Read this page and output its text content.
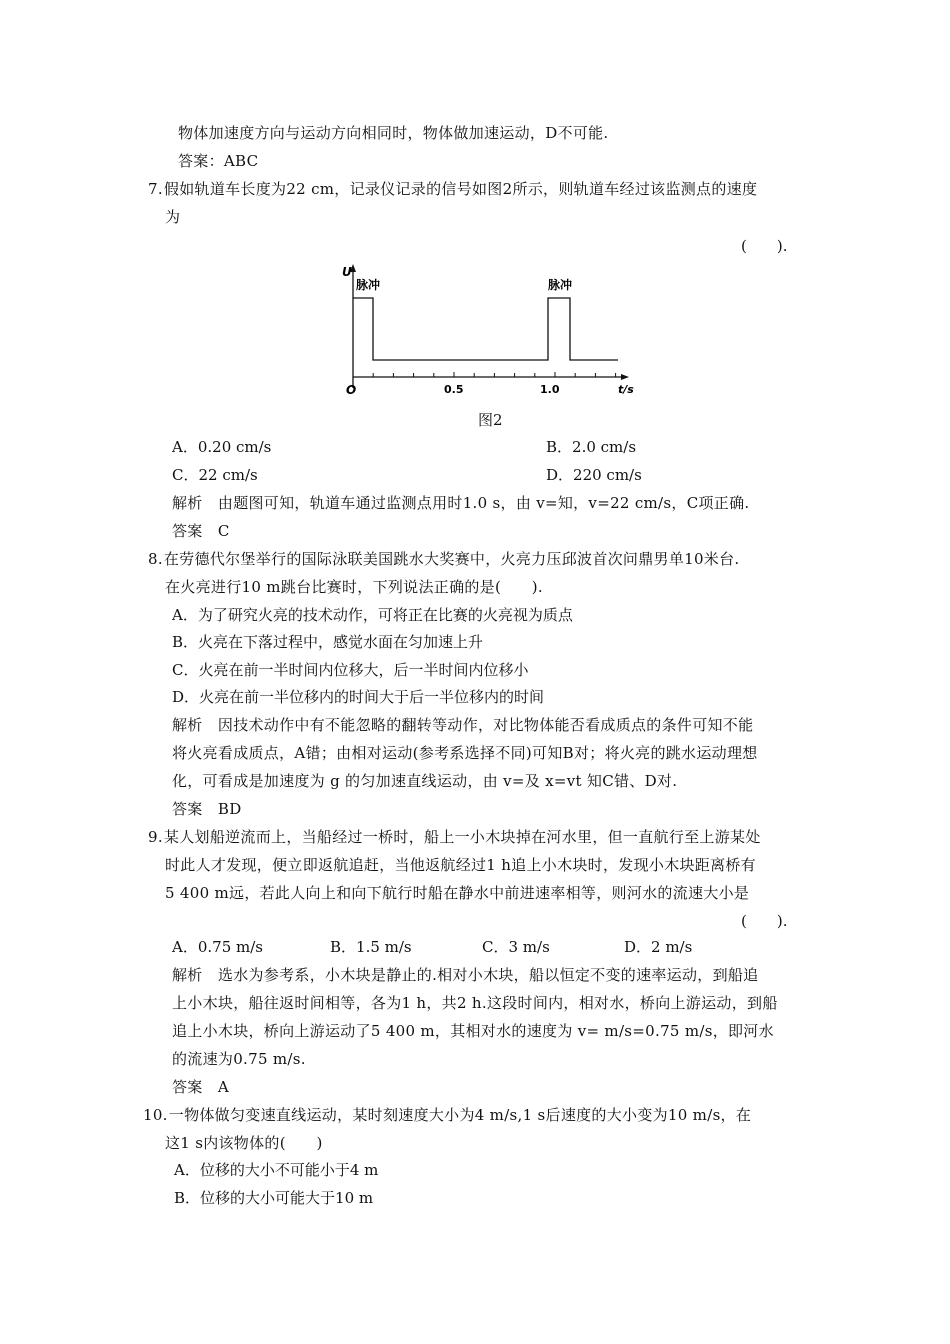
物体加速度方向与运动方向相同时，物体做加速运动，D不可能.
答案：ABC
7.假如轨道车长度为22 cm，记录仪记录的信号如图2所示，则轨道车经过该监测点的速度
为
(　　).
U
脉冲	脉冲
O	0.5	1.0	t/s
图2
A．0.20 cm/s	B．2.0 cm/s
C．22 cm/s	D．220 cm/s
解析　由题图可知，轨道车通过监测点用时1.0 s，由 v=知，v=22 cm/s，C项正确.
答案　C
8.在劳德代尔堡举行的国际泳联美国跳水大奖赛中，火亮力压邱波首次问鼎男单10米台.
在火亮进行10 m跳台比赛时，下列说法正确的是(　　).
A．为了研究火亮的技术动作，可将正在比赛的火亮视为质点
B．火亮在下落过程中，感觉水面在匀加速上升
C．火亮在前一半时间内位移大，后一半时间内位移小
D．火亮在前一半位移内的时间大于后一半位移内的时间
解析　因技术动作中有不能忽略的翻转等动作，对比物体能否看成质点的条件可知不能
将火亮看成质点，A错；由相对运动(参考系选择不同)可知B对；将火亮的跳水运动理想
化，可看成是加速度为 g 的匀加速直线运动，由 v=及 x=vt 知C错、D对.
答案　BD
9.某人划船逆流而上，当船经过一桥时，船上一小木块掉在河水里，但一直航行至上游某处
时此人才发现，便立即返航追赶，当他返航经过1 h追上小木块时，发现小木块距离桥有
5 400 m远，若此人向上和向下航行时船在静水中前进速率相等，则河水的流速大小是
(　　).
A．0.75 m/s	B．1.5 m/s	C．3 m/s	D．2 m/s
解析　选水为参考系，小木块是静止的.相对小木块，船以恒定不变的速率运动，到船追
上小木块，船往返时间相等，各为1 h，共2 h.这段时间内，相对水，桥向上游运动，到船
追上小木块，桥向上游运动了5 400 m，其相对水的速度为 v= m/s=0.75 m/s，即河水
的流速为0.75 m/s.
答案　A
10.一物体做匀变速直线运动，某时刻速度大小为4 m/s,1 s后速度的大小变为10 m/s，在
这1 s内该物体的(　　)
A．位移的大小不可能小于4 m
B．位移的大小可能大于10 m
